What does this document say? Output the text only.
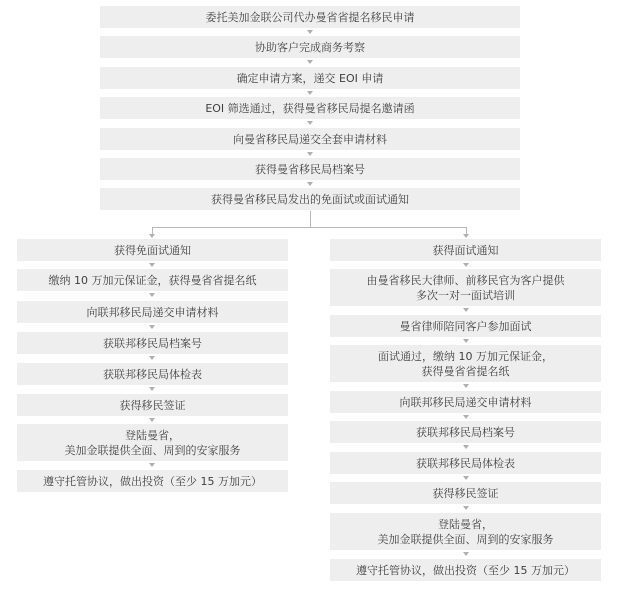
委托美加金联公司代办曼省省提名移民申请
协助客户完成商务考察
确定申请方案，递交 EOI 申请
EOI 筛选通过，获得曼省移民局提名邀请函
向曼省移民局递交全套申请材料
获得曼省移民局档案号
获得曼省移民局发出的免面试或面试通知
获得免面试通知
缴纳 10 万加元保证金，获得曼省省提名纸
向联邦移民局递交申请材料
获联邦移民局档案号
获联邦移民局体检表
获得移民签证
登陆曼省，
美加金联提供全面、周到的安家服务
遵守托管协议，做出投资（至少 15 万加元）
获得面试通知
由曼省移民大律师、前移民官为客户提供
多次一对一面试培训
曼省律师陪同客户参加面试
面试通过，缴纳 10 万加元保证金，
获得曼省省提名纸
向联邦移民局递交申请材料
获联邦移民局档案号
获联邦移民局体检表
获得移民签证
登陆曼省，
美加金联提供全面、周到的安家服务
遵守托管协议，做出投资（至少 15 万加元）
